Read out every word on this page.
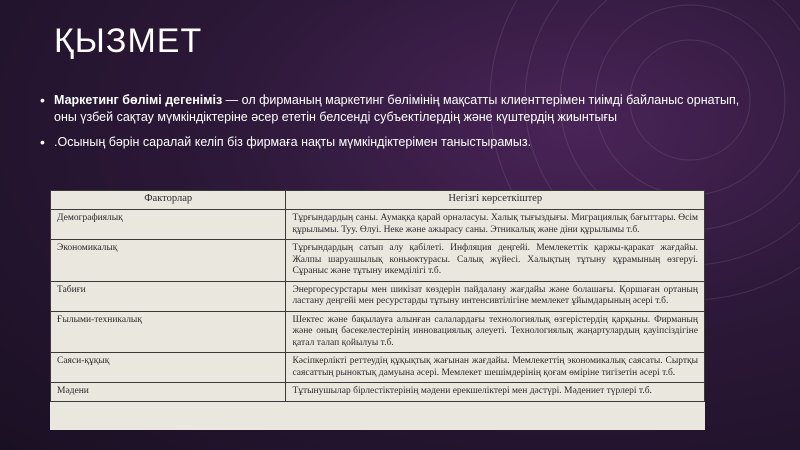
ҚЫЗМЕТ
• Маркетинг бөлімі дегеніміз — ол фирманың маркетинг бөлімінің мақсатты клиенттерімен тиімді байланыс орнатып, оны үзбей сақтау мүмкіндіктеріне әсер ететін белсенді субъектілердің және күштердің жиынтығы
• .Осының бәрін саралай келіп біз фирмаға нақты мүмкіндіктерімен таныстырамыз.
Факторлар	Негізгі көрсеткіштер
Демографиялық	Тұрғындардың саны. Аумаққа қарай орналасуы. Халық тығыздығы. Миграциялық бағыттары. Өсім құрылымы. Туу. Өлуі. Неке және ажырасу саны. Этникалық және діни құрылымы т.б.
Экономикалық	Тұрғындардың сатып алу қабілеті. Инфляция деңгейі. Мемлекеттік қаржы-қаракат жағдайы. Жалпы шаруашылық коньюктурасы. Салық жүйесі. Халықтың тұтыну құрамының өзгеруі. Сұраныс және тұтыну икемділігі т.б.
Табиғи	Энергоресурстары мен шикізат көздерін пайдалану жағдайы және болашағы. Қоршаған ортаның ластану деңгейі мен ресурстарды тұтыну интенсивтілігіне мемлекет ұйымдарының әсері т.б.
Ғылыми-техникалық	Шектес және бақылауға алынған салалардағы технологиялық өзгерістердің қарқыны. Фирманың және оның бәсекелестерінің инновациялық әлеуеті. Технологиялық жаңартулардың қауіпсіздігіне қатал талап қойылуы т.б.
Саяси-құқық	Кәсіпкерлікті реттеудің құқықтық жағынан жағдайы. Мемлекеттің экономикалық саясаты. Сыртқы саясаттың рыноктық дамуына әсері. Мемлекет шешімдерінің қоғам өміріне тигізетін әсері т.б.
Мәдени	Тұтынушылар бірлестіктерінің мәдени ерекшеліктері мен дәстүрі. Мәдениет түрлері т.б.
